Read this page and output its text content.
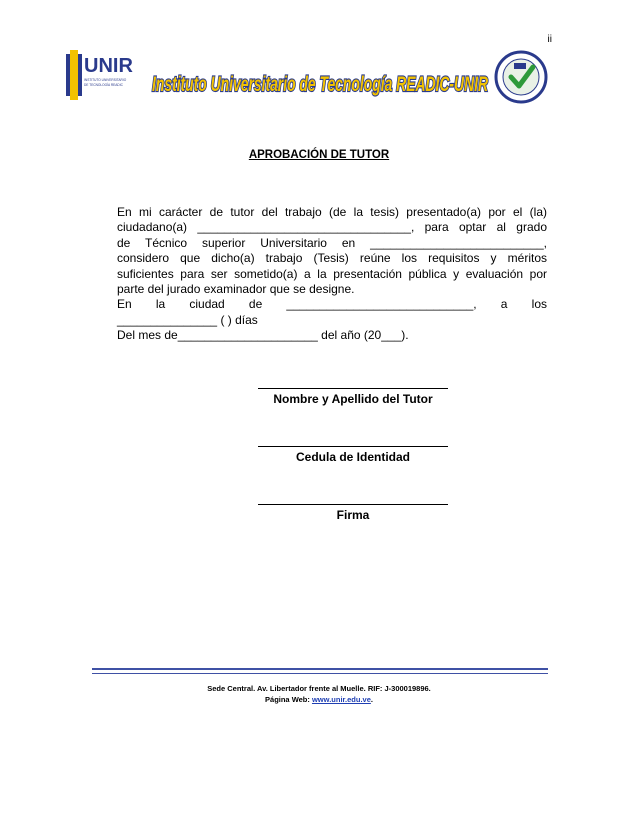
ii
UNIR
INSTITUTO UNIVERSITARIO
DE TECNOLOGÍA READIC Instituto Universitario de Tecnología READIC-UNIR
APROBACIÓN DE TUTOR
En mi carácter de tutor del trabajo (de la tesis) presentado(a) por el (la)
ciudadano(a) ________________________________, para optar al grado
de Técnico superior Universitario en __________________________,
considero que dicho(a) trabajo (Tesis) reúne los requisitos y méritos
suficientes para ser sometido(a) a la presentación pública y evaluación por
parte del jurado examinador que se designe.
En la ciudad de ____________________________, a los
_______________ ( ) días
Del mes de_____________________ del año (20___).
Nombre y Apellido del Tutor
Cedula de Identidad
Firma
Sede Central. Av. Libertador frente al Muelle. RIF: J-300019896.
Página Web: www.unir.edu.ve.
